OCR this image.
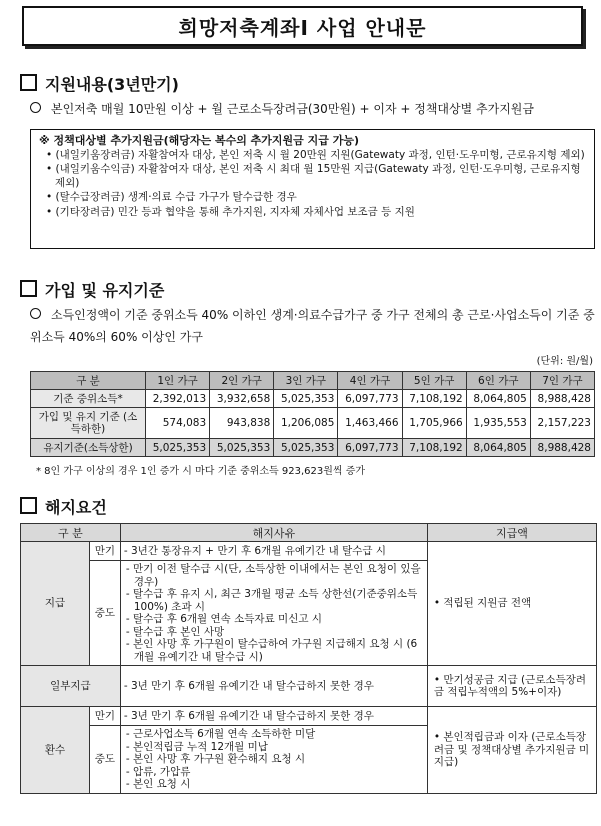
희망저축계좌Ⅰ 사업 안내문
지원내용(3년만기)
본인저축 매월 10만원 이상 + 월 근로소득장려금(30만원) + 이자 + 정책대상별 추가지원금
※ 정책대상별 추가지원금(해당자는 복수의 추가지원금 지급 가능)
• (내일키움장려금) 자활참여자 대상, 본인 저축 시 월 20만원 지원(Gatewaty 과정, 인턴·도우미형, 근로유지형 제외)
• (내일키움수익금) 자활참여자 대상, 본인 저축 시 최대 월 15만원 지급(Gatewaty 과정, 인턴·도우미형, 근로유지형 제외)
• (탈수급장려금) 생계·의료 수급 가구가 탈수급한 경우
• (기타장려금) 민간 등과 협약을 통해 추가지원, 지자체 자체사업 보조금 등 지원
가입 및 유지기준
소득인정액이 기준 중위소득 40% 이하인 생계·의료수급가구 중 가구 전체의 총 근로·사업소득이 기준 중위소득 40%의 60% 이상인 가구
(단위: 원/월)
구 분	1인 가구	2인 가구	3인 가구	4인 가구	5인 가구	6인 가구	7인 가구
기준 중위소득*	2,392,013	3,932,658	5,025,353	6,097,773	7,108,192	8,064,805	8,988,428
가입 및 유지 기준 (소득하한)	574,083	943,838	1,206,085	1,463,466	1,705,966	1,935,553	2,157,223
유지기준(소득상한)	5,025,353	5,025,353	5,025,353	6,097,773	7,108,192	8,064,805	8,988,428
* 8인 가구 이상의 경우 1인 증가 시 마다 기준 중위소득 923,623원씩 증가
해지요건
구 분		해지사유	지급액
지급	만기	- 3년간 통장유지 + 만기 후 6개월 유예기간 내 탈수급 시	• 적립된 지원금 전액
	중도	- 만기 이전 탈수급 시(단, 소득상한 이내에서는 본인 요청이 있을 경우)
- 탈수급 후 유지 시, 최근 3개월 평균 소득 상한선(기준중위소득 100%) 초과 시
- 탈수급 후 6개월 연속 소득자료 미신고 시
- 탈수급 후 본인 사망
- 본인 사망 후 가구원이 탈수급하여 가구원 지급해지 요청 시 (6개월 유예기간 내 탈수급 시)	

일부지급		- 3년 만기 후 6개월 유예기간 내 탈수급하지 못한 경우	• 만기성공금 지급 (근로소득장려금 적립누적액의 5%+이자)
환수	만기	- 3년 만기 후 6개월 유예기간 내 탈수급하지 못한 경우	• 본인적립금과 이자 (근로소득장려금 및 정책대상별 추가지원금 미지급)
	중도	- 근로사업소득 6개월 연속 소득하한 미달
- 본인적립금 누적 12개월 미납
- 본인 사망 후 가구원 환수해지 요청 시
- 압류, 가압류
- 본인 요청 시	
